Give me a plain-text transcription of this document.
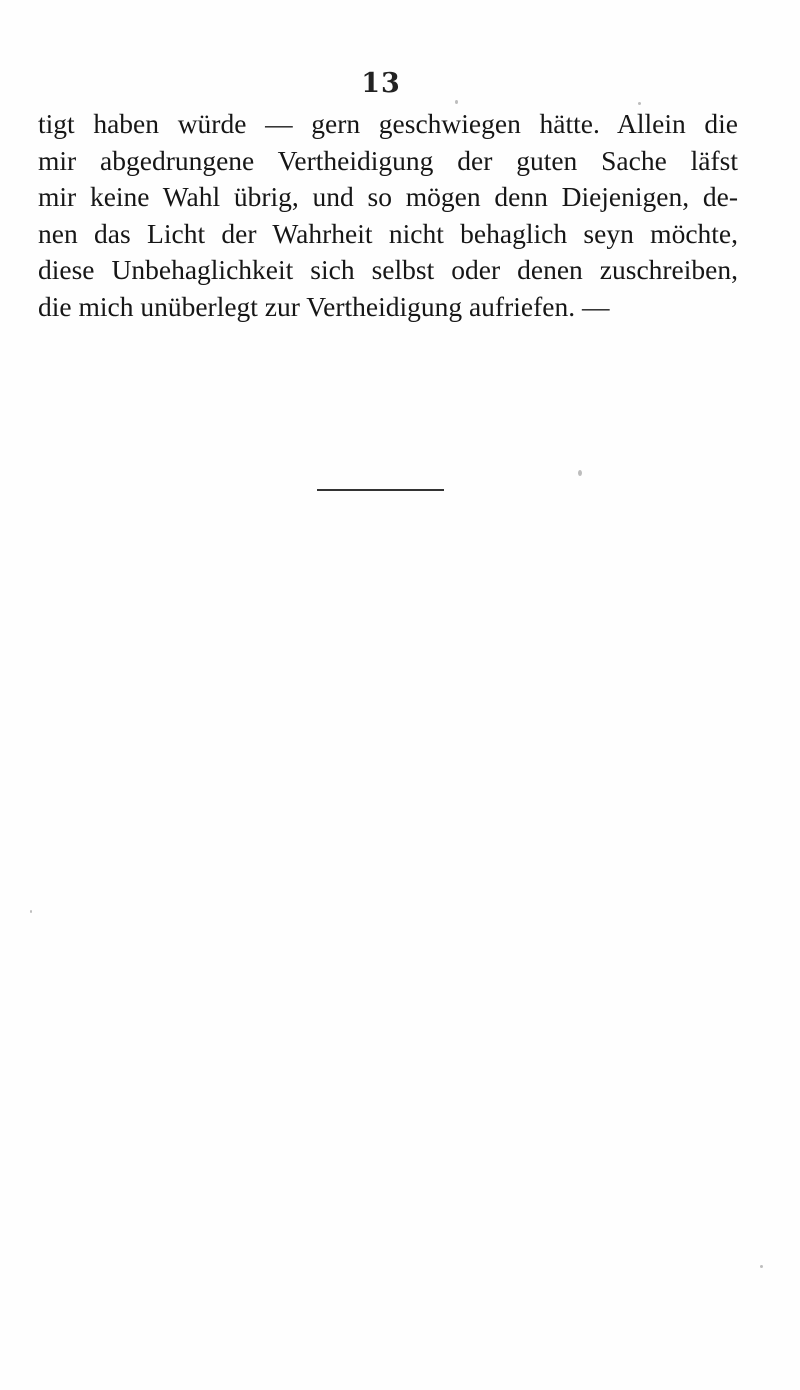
13
tigt haben würde — gern geschwiegen hätte. Allein die
mir abgedrungene Vertheidigung der guten Sache läfst
mir keine Wahl übrig, und so mögen denn Diejenigen, de-
nen das Licht der Wahrheit nicht behaglich seyn möchte,
diese Unbehaglichkeit sich selbst oder denen zuschreiben,
die mich unüberlegt zur Vertheidigung aufriefen. —
